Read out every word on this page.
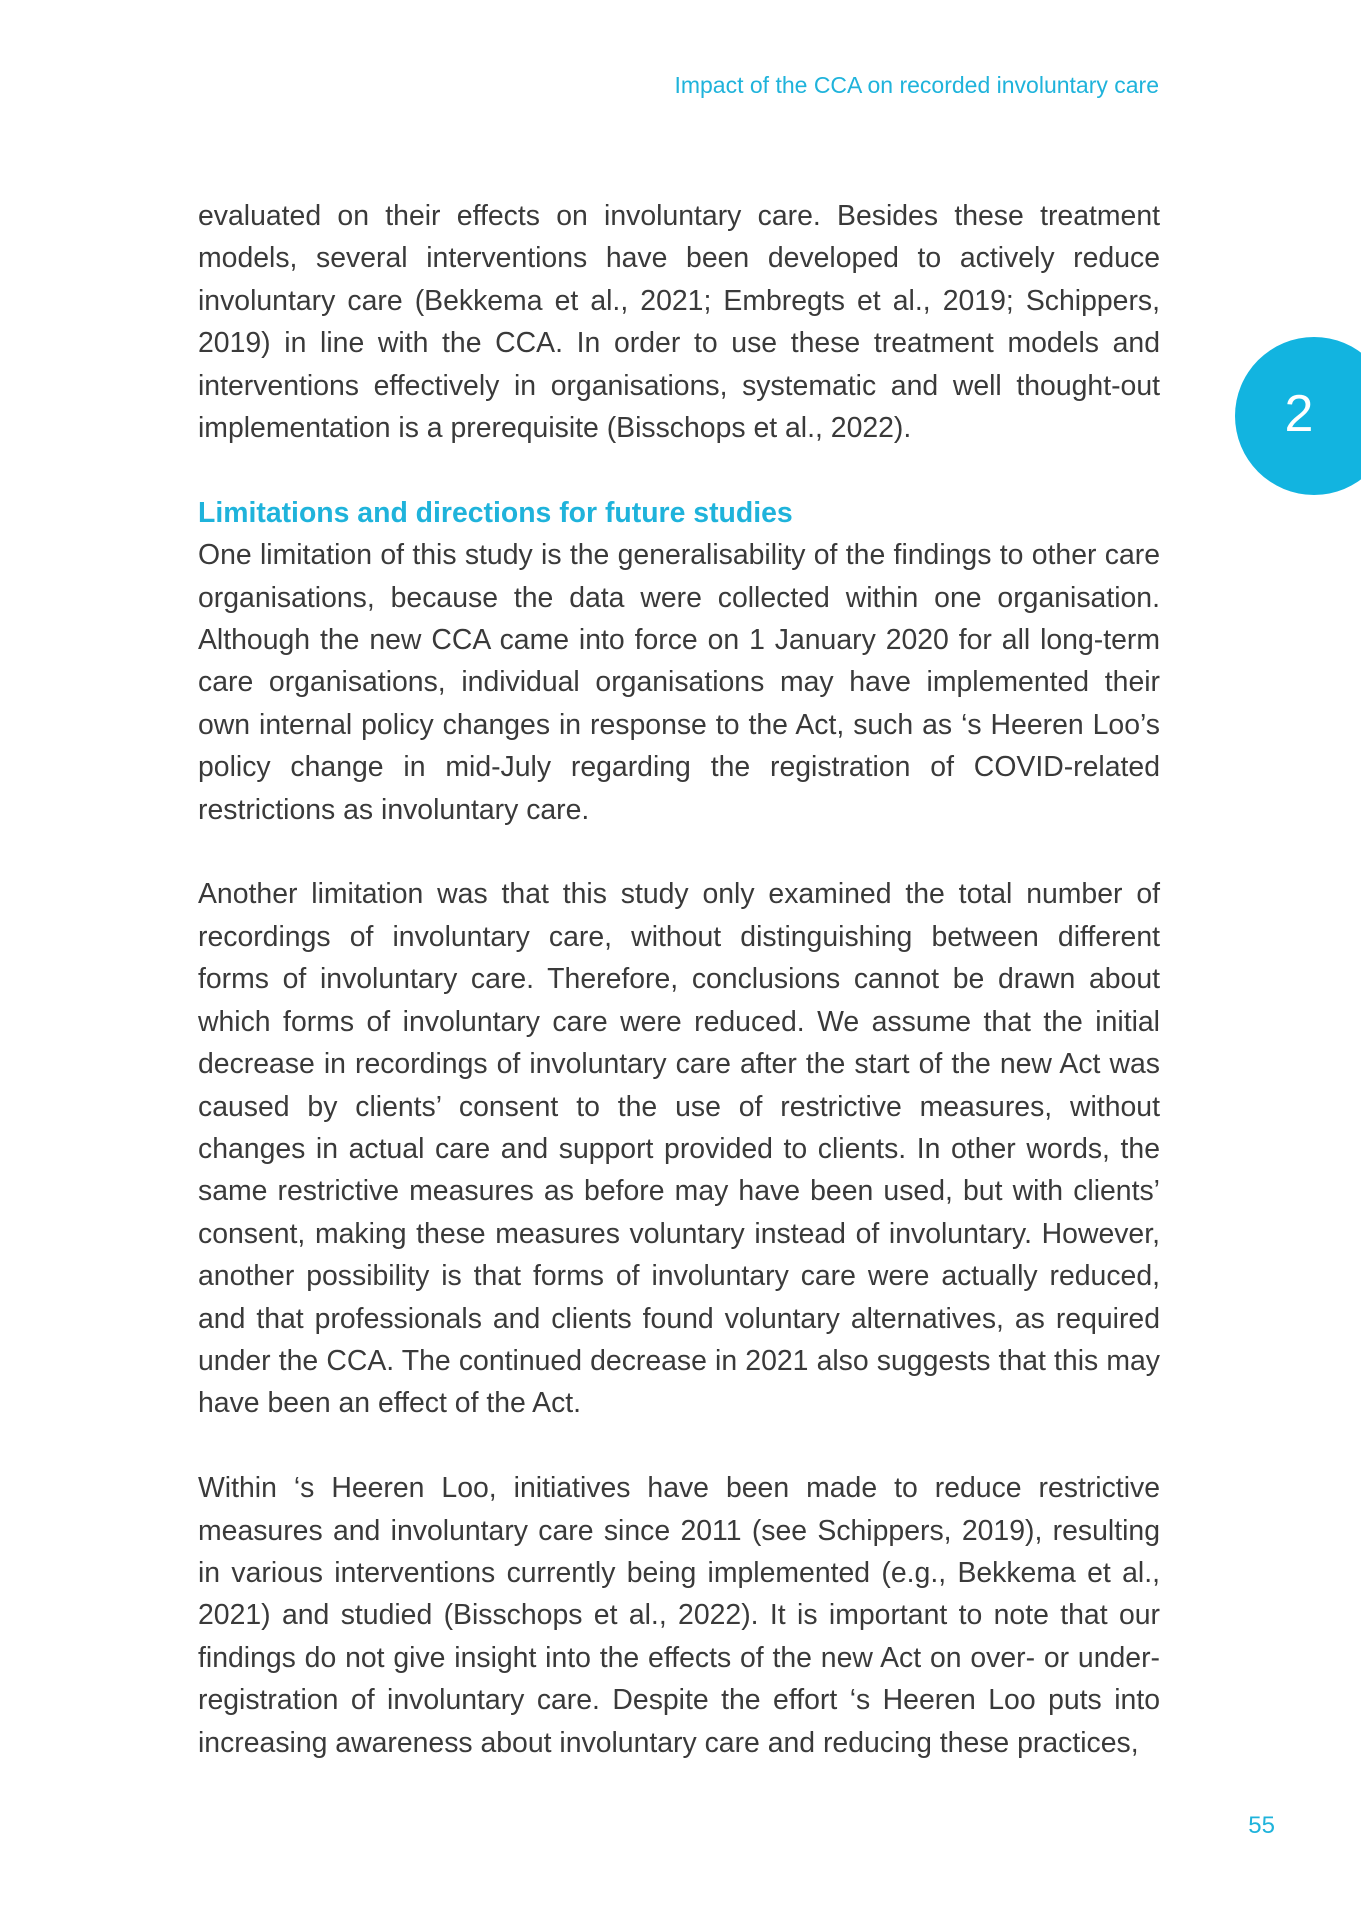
Impact of the CCA on recorded involuntary care
2

evaluated on their effects on involuntary care. Besides these treatment models, several interventions have been developed to actively reduce involuntary care (Bekkema et al., 2021; Embregts et al., 2019; Schippers, 2019) in line with the CCA. In order to use these treatment models and interventions effectively in organisations, systematic and well thought-out implementation is a prerequisite (Bisschops et al., 2022).

Limitations and directions for future studies

One limitation of this study is the generalisability of the findings to other care organisations, because the data were collected within one organisation. Although the new CCA came into force on 1 January 2020 for all long-term care organisations, individual organisations may have implemented their own internal policy changes in response to the Act, such as ‘s Heeren Loo’s policy change in mid-July regarding the registration of COVID-related restrictions as involuntary care.

Another limitation was that this study only examined the total number of recordings of involuntary care, without distinguishing between different forms of involuntary care. Therefore, conclusions cannot be drawn about which forms of involuntary care were reduced. We assume that the initial decrease in recordings of involuntary care after the start of the new Act was caused by clients’ consent to the use of restrictive measures, without changes in actual care and support provided to clients. In other words, the same restrictive measures as before may have been used, but with clients’ consent, making these measures voluntary instead of involuntary. However, another possibility is that forms of involuntary care were actually reduced, and that professionals and clients found voluntary alternatives, as required under the CCA. The continued decrease in 2021 also suggests that this may have been an effect of the Act.

Within ‘s Heeren Loo, initiatives have been made to reduce restrictive measures and involuntary care since 2011 (see Schippers, 2019), resulting in various interventions currently being implemented (e.g., Bekkema et al., 2021) and studied (Bisschops et al., 2022). It is important to note that our findings do not give insight into the effects of the new Act on over- or under-registration of involuntary care. Despite the effort ‘s Heeren Loo puts into increasing awareness about involuntary care and reducing these practices,

55
